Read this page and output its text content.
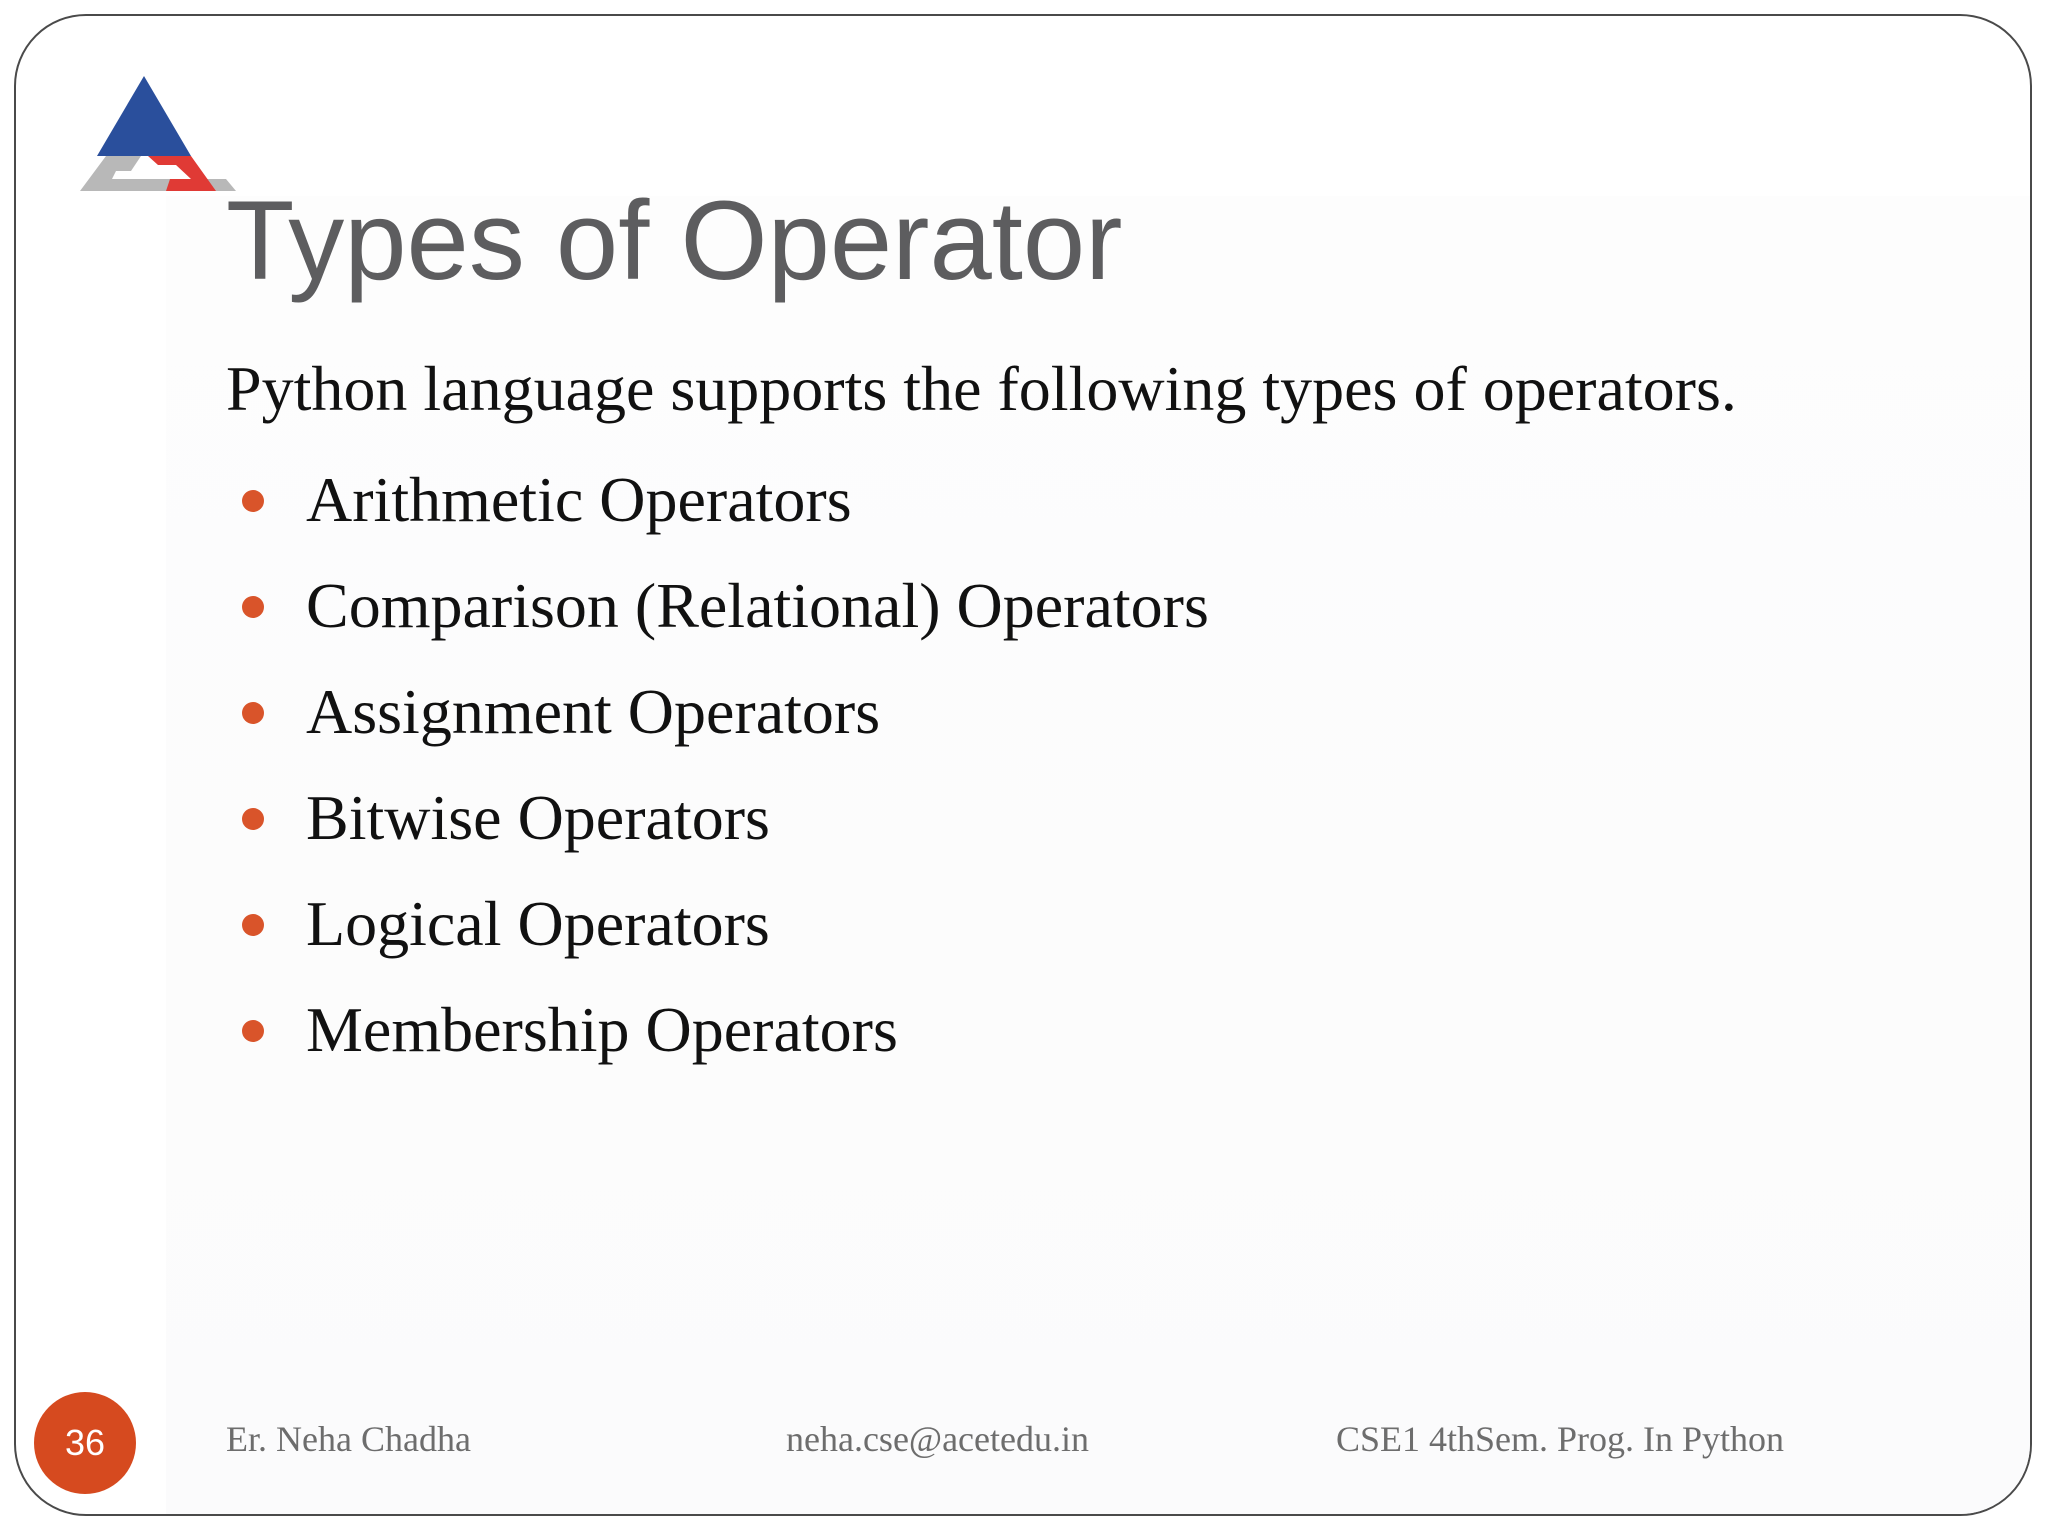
Types of Operator

Python language supports the following types of operators.

Arithmetic Operators
Comparison (Relational) Operators
Assignment Operators
Bitwise Operators
Logical Operators
Membership Operators
36	Er. Neha Chadha	neha.cse@acetedu.in	CSE1 4thSem. Prog. In Python
